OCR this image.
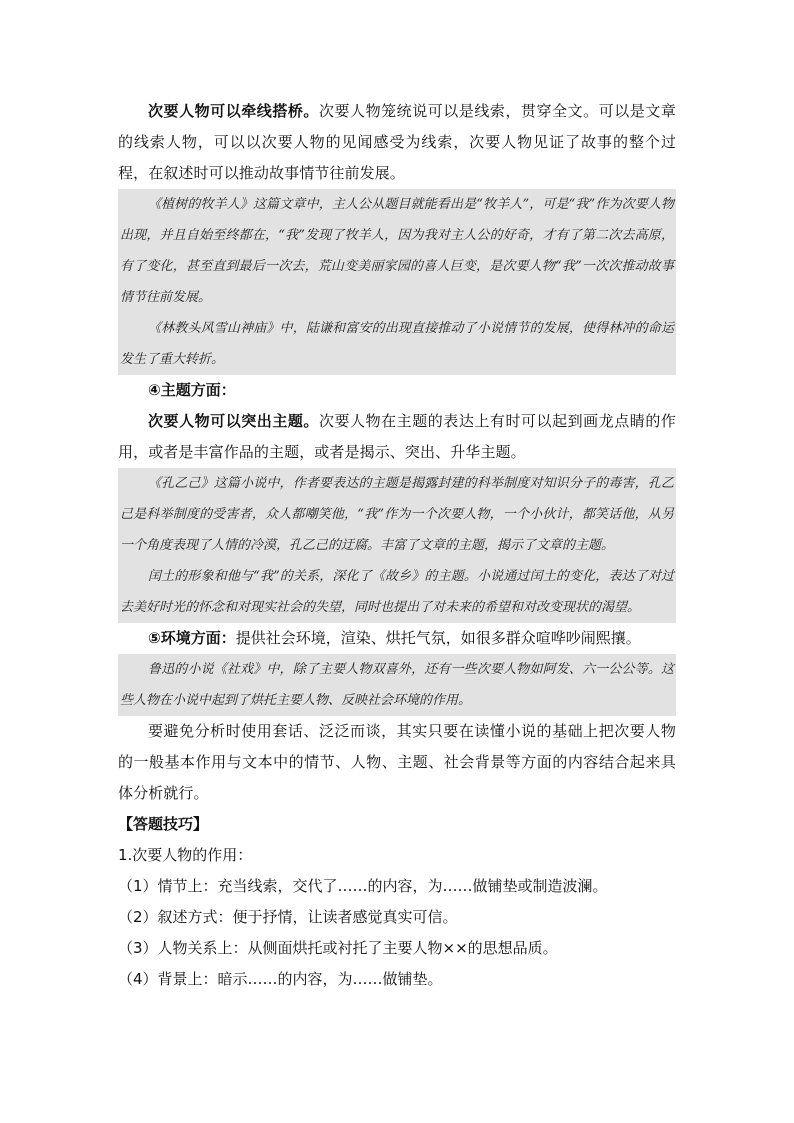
次要人物可以牵线搭桥。次要人物笼统说可以是线索，贯穿全文。可以是文章的线索人物，可以以次要人物的见闻感受为线索，次要人物见证了故事的整个过程，在叙述时可以推动故事情节往前发展。

《植树的牧羊人》这篇文章中，主人公从题目就能看出是“牧羊人”，可是“我”作为次要人物出现，并且自始至终都在，“我”发现了牧羊人，因为我对主人公的好奇，才有了第二次去高原，有了变化，甚至直到最后一次去，荒山变美丽家园的喜人巨变，是次要人物“我”一次次推动故事情节往前发展。

《林教头风雪山神庙》中，陆谦和富安的出现直接推动了小说情节的发展，使得林冲的命运发生了重大转折。

④主题方面：

次要人物可以突出主题。次要人物在主题的表达上有时可以起到画龙点睛的作用，或者是丰富作品的主题，或者是揭示、突出、升华主题。

《孔乙己》这篇小说中，作者要表达的主题是揭露封建的科举制度对知识分子的毒害，孔乙己是科举制度的受害者，众人都嘲笑他，“我”作为一个次要人物，一个小伙计，都笑话他，从另一个角度表现了人情的冷漠，孔乙己的迂腐。丰富了文章的主题，揭示了文章的主题。

闰土的形象和他与“我”的关系，深化了《故乡》的主题。小说通过闰土的变化，表达了对过去美好时光的怀念和对现实社会的失望，同时也提出了对未来的希望和对改变现状的渴望。

⑤环境方面：提供社会环境，渲染、烘托气氛，如很多群众喧哗吵闹熙攘。

鲁迅的小说《社戏》中，除了主要人物双喜外，还有一些次要人物如阿发、六一公公等。这些人物在小说中起到了烘托主要人物、反映社会环境的作用。

要避免分析时使用套话、泛泛而谈，其实只要在读懂小说的基础上把次要人物的一般基本作用与文本中的情节、人物、主题、社会背景等方面的内容结合起来具体分析就行。

【答题技巧】

1.次要人物的作用：

（1）情节上：充当线索，交代了……的内容，为……做铺垫或制造波澜。

（2）叙述方式：便于抒情，让读者感觉真实可信。

（3）人物关系上：从侧面烘托或衬托了主要人物××的思想品质。

（4）背景上：暗示……的内容，为……做铺垫。
